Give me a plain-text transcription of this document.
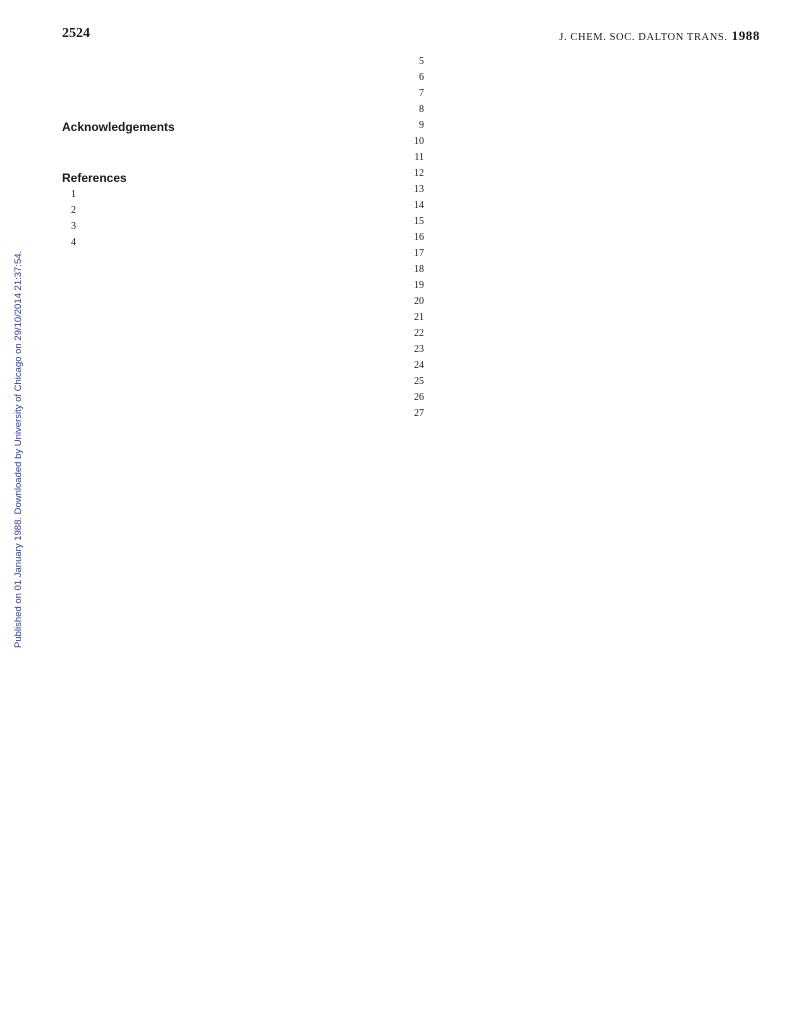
2524	J. CHEM. SOC. DALTON TRANS. 1988
Published on 01 January 1988. Downloaded by University of Chicago on 29/10/2014 21:37:54.

Acknowledgements

References
1
2
3
4
5
6
7
8
9
10
11
12
13
14
15
16
17
18
19
20
21
22
23
24
25
26
27
